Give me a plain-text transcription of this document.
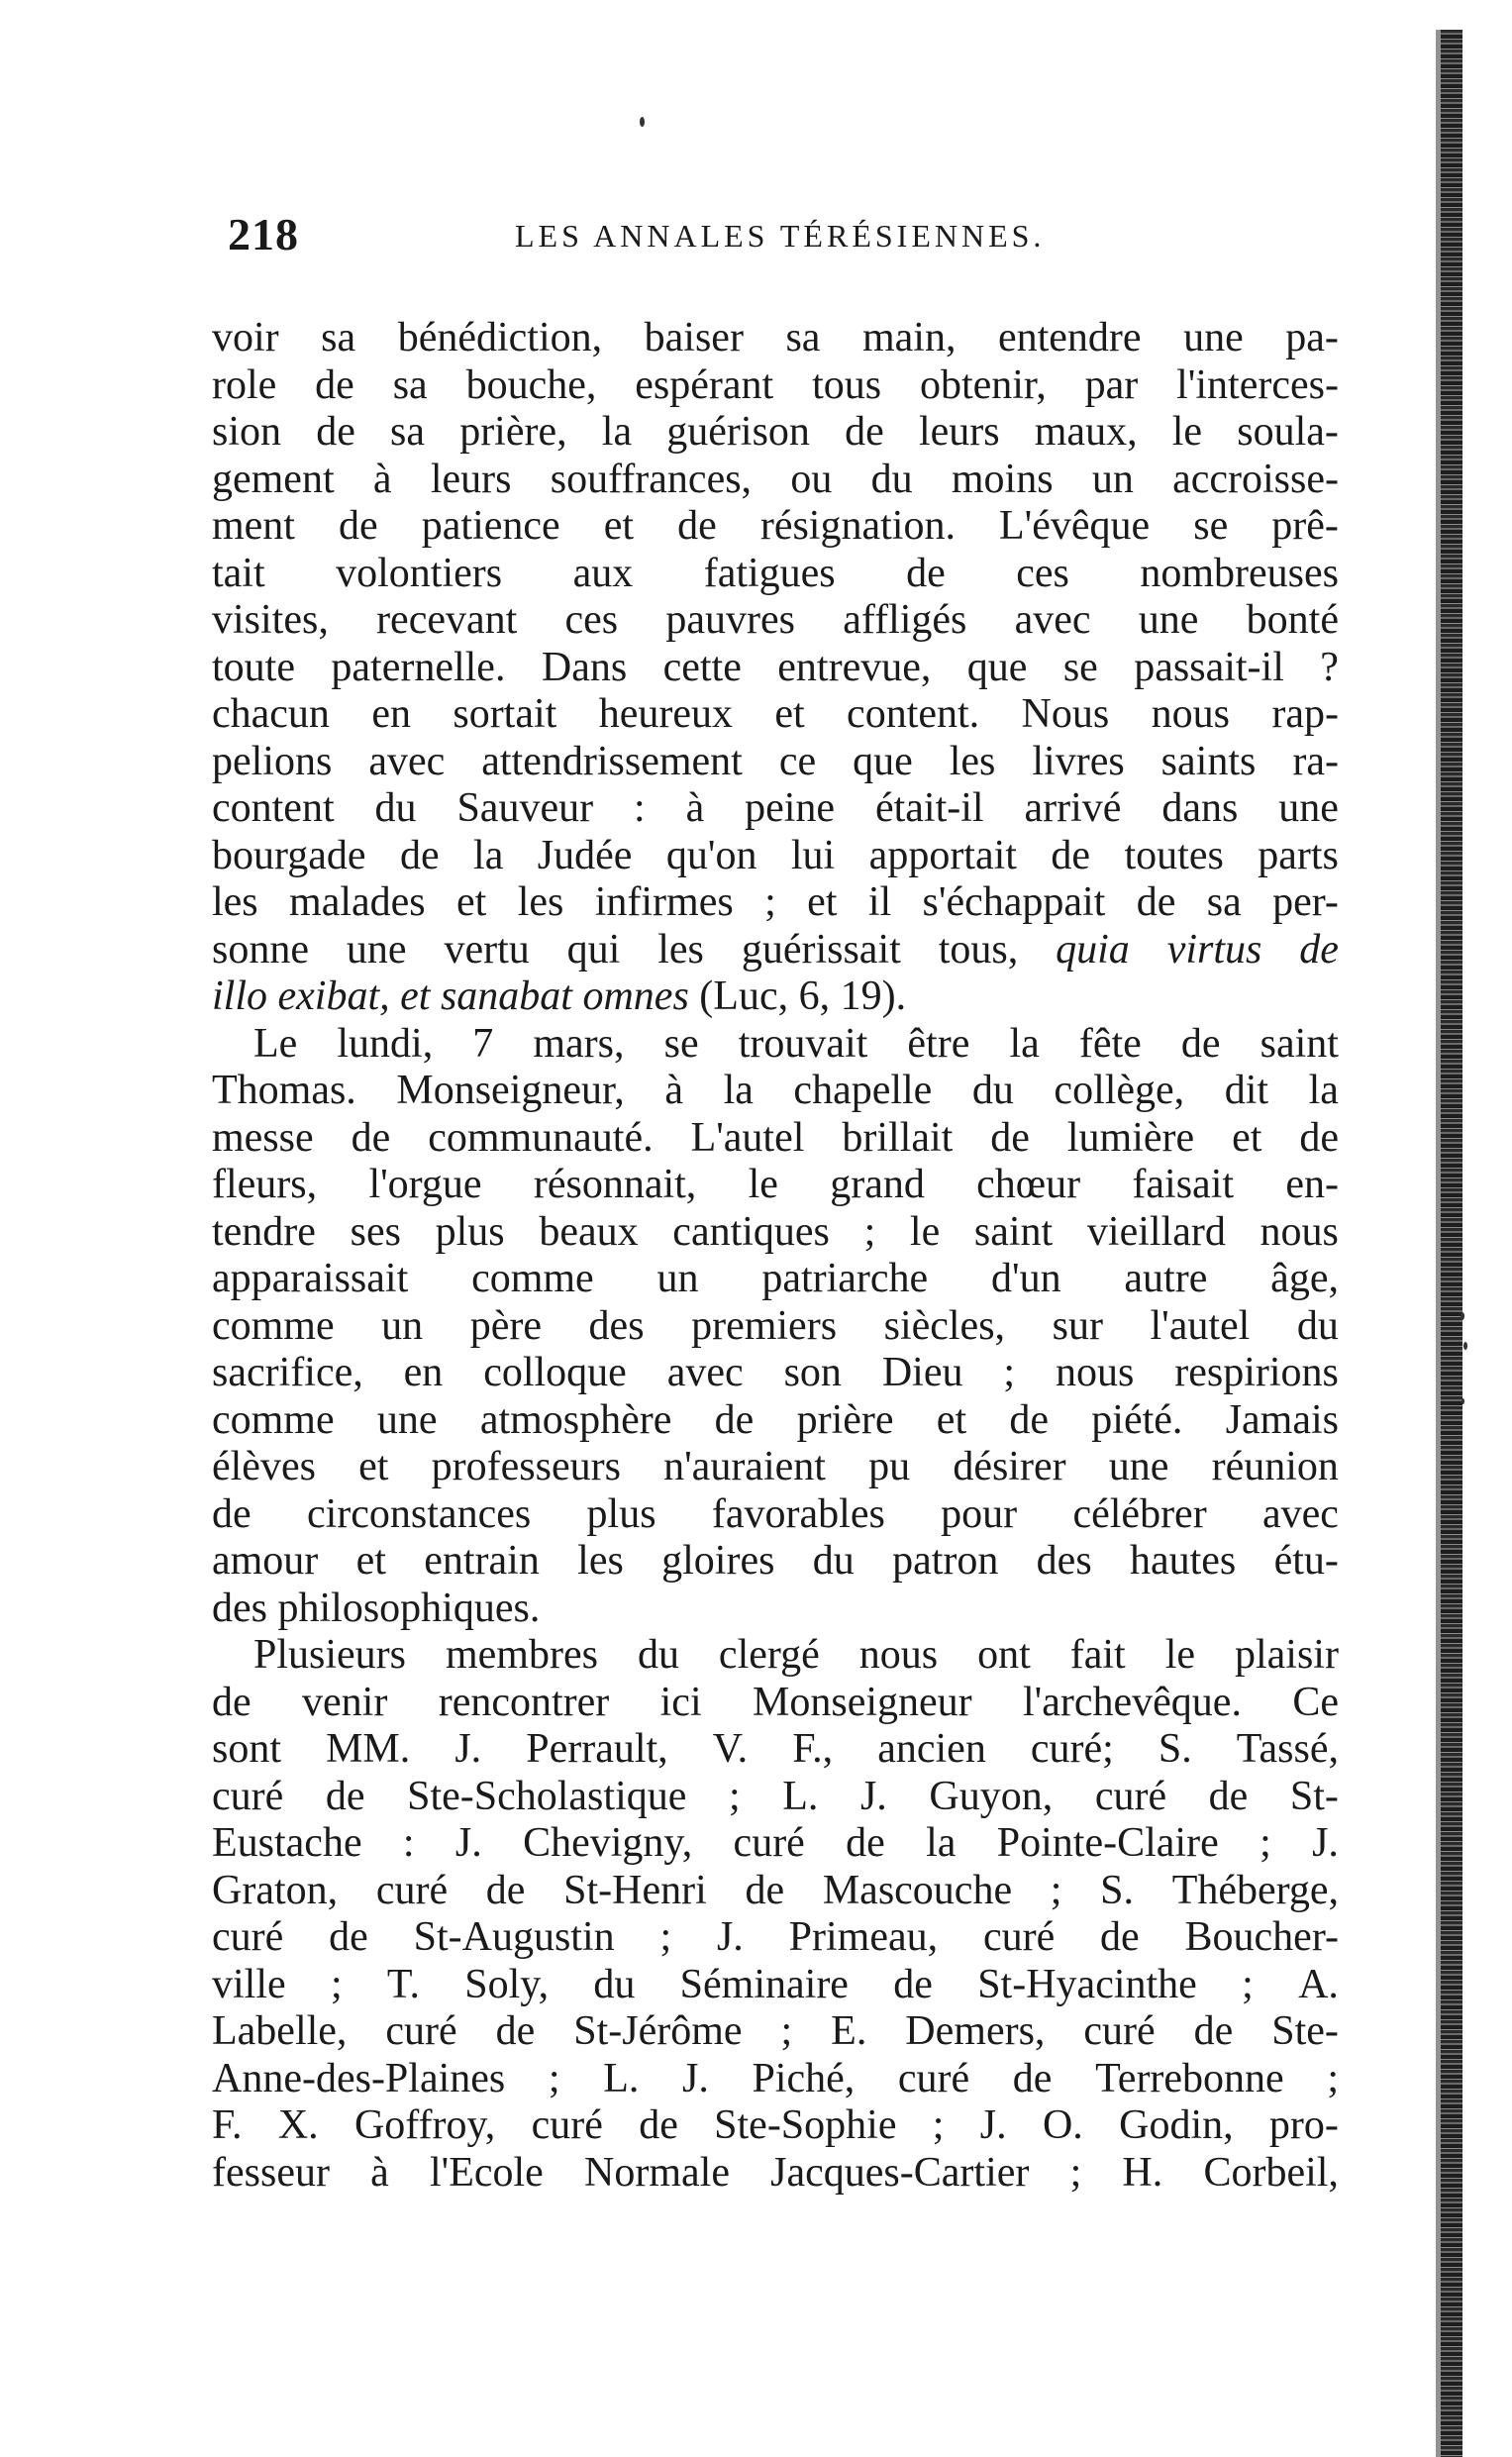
218	LES ANNALES TÉRÉSIENNES.
voir sa bénédiction, baiser sa main, entendre une pa-
role de sa bouche, espérant tous obtenir, par l'interces-
sion de sa prière, la guérison de leurs maux, le soula-
gement à leurs souffrances, ou du moins un accroisse-
ment de patience et de résignation. L'évêque se prê-
tait volontiers aux fatigues de ces nombreuses
visites, recevant ces pauvres affligés avec une bonté
toute paternelle. Dans cette entrevue, que se passait-il ?
chacun en sortait heureux et content. Nous nous rap-
pelions avec attendrissement ce que les livres saints ra-
content du Sauveur : à peine était-il arrivé dans une
bourgade de la Judée qu'on lui apportait de toutes parts
les malades et les infirmes ; et il s'échappait de sa per-
sonne une vertu qui les guérissait tous, quia virtus de
illo
exibat,
et
sanabat
omnes
(Luc,
6,
19).

Le lundi, 7 mars, se trouvait être la fête de saint
Thomas. Monseigneur, à la chapelle du collège, dit la
messe de communauté. L'autel brillait de lumière et de
fleurs, l'orgue résonnait, le grand chœur faisait en-
tendre ses plus beaux cantiques ; le saint vieillard nous
apparaissait comme un patriarche d'un autre âge,
comme un père des premiers siècles, sur l'autel du
sacrifice, en colloque avec son Dieu ; nous respirions
comme une atmosphère de prière et de piété. Jamais
élèves et professeurs n'auraient pu désirer une réunion
de circonstances plus favorables pour célébrer avec
amour et entrain les gloires du patron des hautes étu-
des
philosophiques.

Plusieurs membres du clergé nous ont fait le plaisir
de venir rencontrer ici Monseigneur l'archevêque. Ce
sont MM. J. Perrault, V. F., ancien curé; S. Tassé,
curé de Ste-Scholastique ; L. J. Guyon, curé de St-
Eustache : J. Chevigny, curé de la Pointe-Claire ; J.
Graton, curé de St-Henri de Mascouche ; S. Théberge,
curé de St-Augustin ; J. Primeau, curé de Boucher-
ville ; T. Soly, du Séminaire de St-Hyacinthe ; A.
Labelle, curé de St-Jérôme ; E. Demers, curé de Ste-
Anne-des-Plaines ; L. J. Piché, curé de Terrebonne ;
F. X. Goffroy, curé de Ste-Sophie ; J. O. Godin, pro-
fesseur à l'Ecole Normale Jacques-Cartier ; H. Corbeil,
